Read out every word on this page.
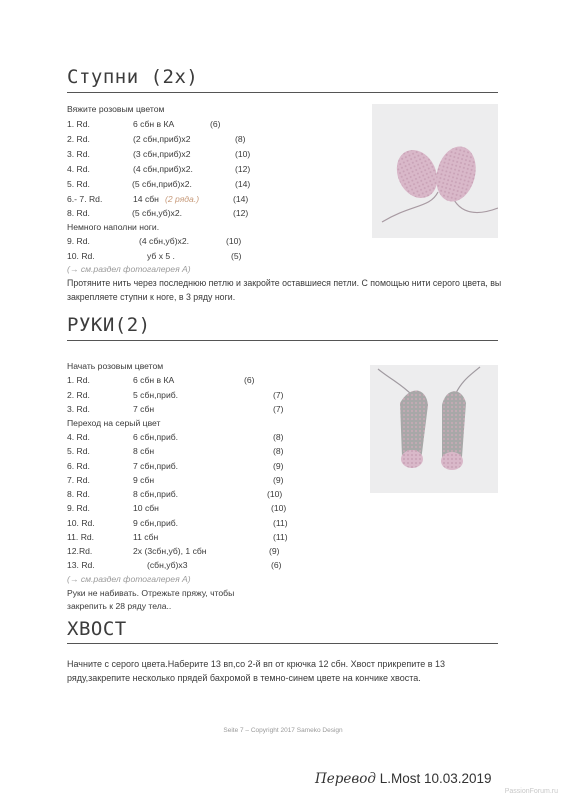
Ступни (2х)
Вяжите розовым цветом
1. Rd.	6 сбн в КА	(6)
2. Rd.	(2 сбн,приб)x2	(8)
3. Rd.	(3 сбн,приб)x2	(10)
4. Rd.	(4 сбн,приб)x2.	(12)
5. Rd.	(5 сбн,приб)x2.	(14)
6.- 7. Rd.	14 сбн (2 ряда.)	(14)
8. Rd.	(5 сбн,уб)x2.	(12)
Немного наполни ноги.
9. Rd.	(4 сбн,уб)x2.	(10)
10. Rd.	уб x 5 .	(5)
(→ см.раздел фотогалерея A)
Протяните нить через последнюю петлю и закройте оставшиеся петли. С помощью нити серого цвета, вы закрепляете ступни к ноге, в 3 ряду ноги.
РУКИ(2)
Начать розовым цветом
1. Rd.	6 сбн в КА	(6)
2. Rd.	5 сбн,приб.	(7)
3. Rd.	7 сбн	(7)
Переход на серый цвет
4. Rd.	6 сбн,приб.	(8)
5. Rd.	8 сбн	(8)
6. Rd.	7 сбн,приб.	(9)
7. Rd.	9 сбн	(9)
8. Rd.	8 сбн,приб.	(10)
9. Rd.	10 сбн	(10)
10. Rd.	9 сбн,приб.	(11)
11. Rd.	11 сбн	(11)
12.Rd.	2x (3сбн,уб), 1 сбн	(9)
13. Rd.	(сбн,уб)x3	(6)
(→ см.раздел фотогалерея A)
Руки не набивать. Отрежьте пряжу, чтобы
закрепить к 28 ряду тела..
ХВОСТ
Начните с серого цвета.Наберите 13 вп,со 2-й вп от крючка 12 сбн. Хвост прикрепите в 13 ряду,закрепите несколько прядей бахромой в темно-синем цвете на кончике хвоста.
Seite 7 – Copyright 2017 Sameko Design
Перевод L.Most 10.03.2019
PassionForum.ru
